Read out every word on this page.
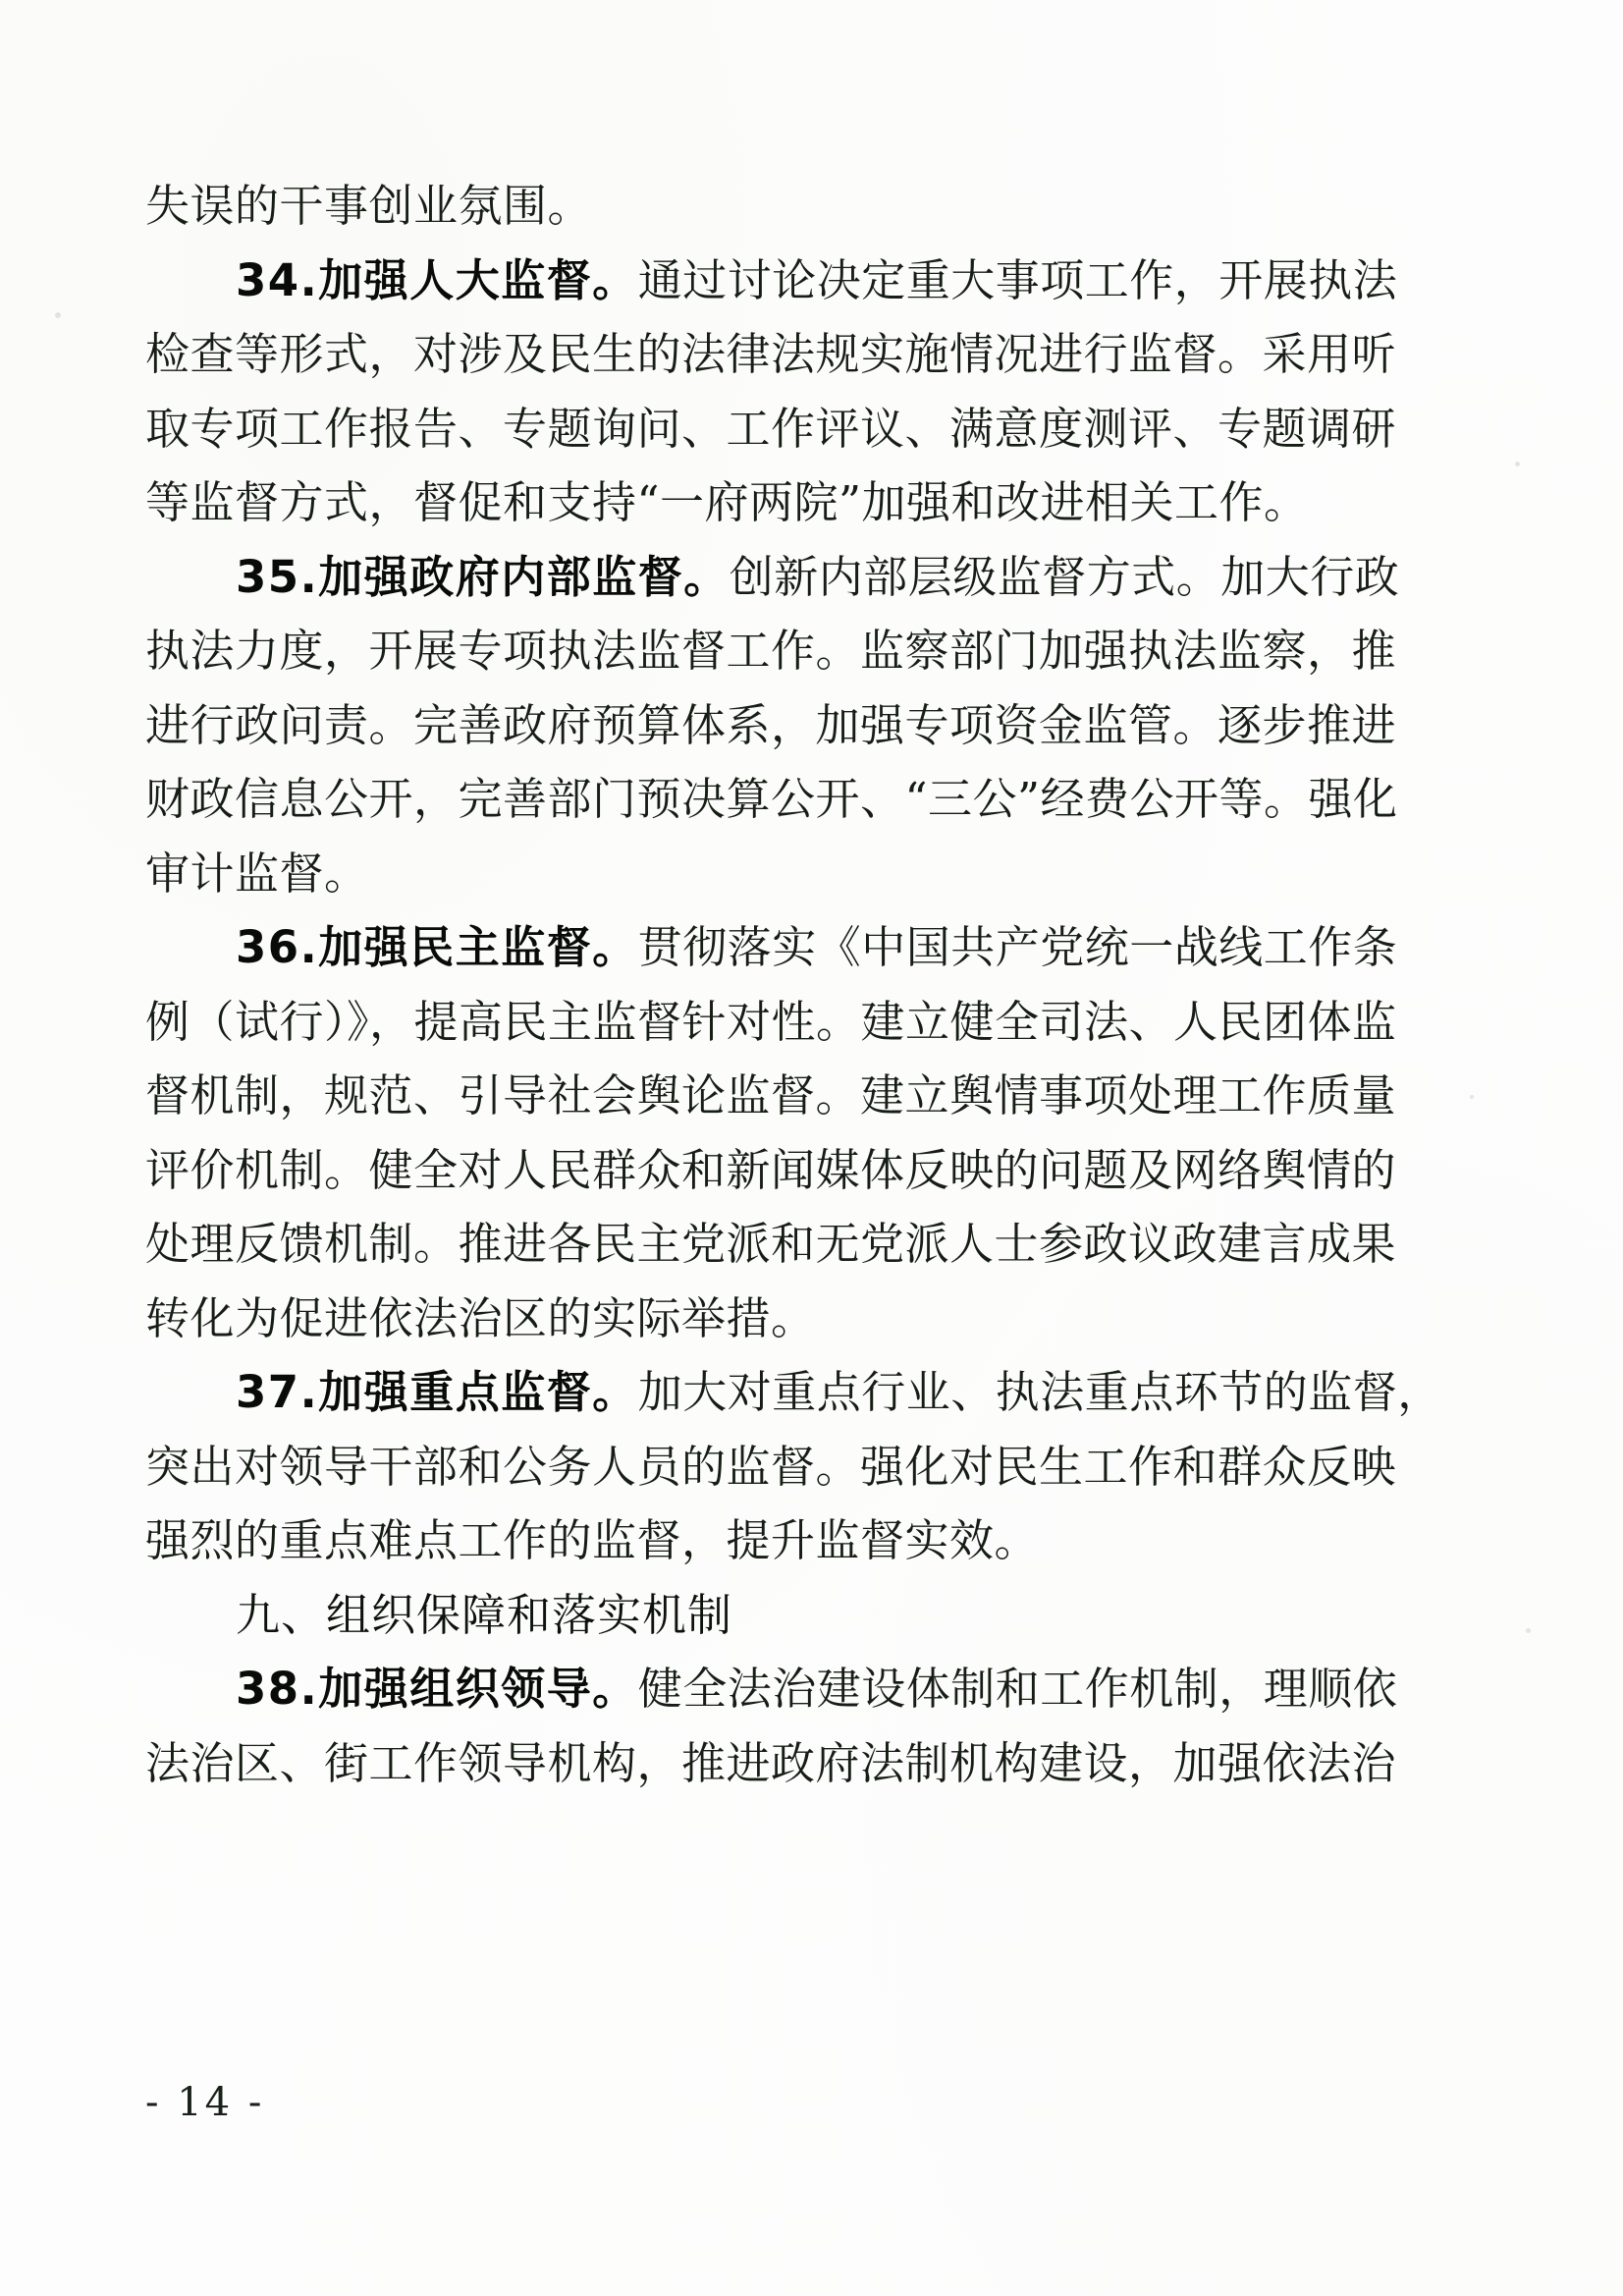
失误的干事创业氛围。
34.加强人大监督。通过讨论决定重大事项工作，开展执法
检查等形式，对涉及民生的法律法规实施情况进行监督。采用听
取专项工作报告、专题询问、工作评议、满意度测评、专题调研
等监督方式，督促和支持“一府两院”加强和改进相关工作。
35.加强政府内部监督。创新内部层级监督方式。加大行政
执法力度，开展专项执法监督工作。监察部门加强执法监察，推
进行政问责。完善政府预算体系，加强专项资金监管。逐步推进
财政信息公开，完善部门预决算公开、“三公”经费公开等。强化
审计监督。
36.加强民主监督。贯彻落实《中国共产党统一战线工作条
例（试行）》，提高民主监督针对性。建立健全司法、人民团体监
督机制，规范、引导社会舆论监督。建立舆情事项处理工作质量
评价机制。健全对人民群众和新闻媒体反映的问题及网络舆情的
处理反馈机制。推进各民主党派和无党派人士参政议政建言成果
转化为促进依法治区的实际举措。
37.加强重点监督。加大对重点行业、执法重点环节的监督，
突出对领导干部和公务人员的监督。强化对民生工作和群众反映
强烈的重点难点工作的监督，提升监督实效。
九、组织保障和落实机制
38.加强组织领导。健全法治建设体制和工作机制，理顺依
法治区、街工作领导机构，推进政府法制机构建设，加强依法治
- 14 -
